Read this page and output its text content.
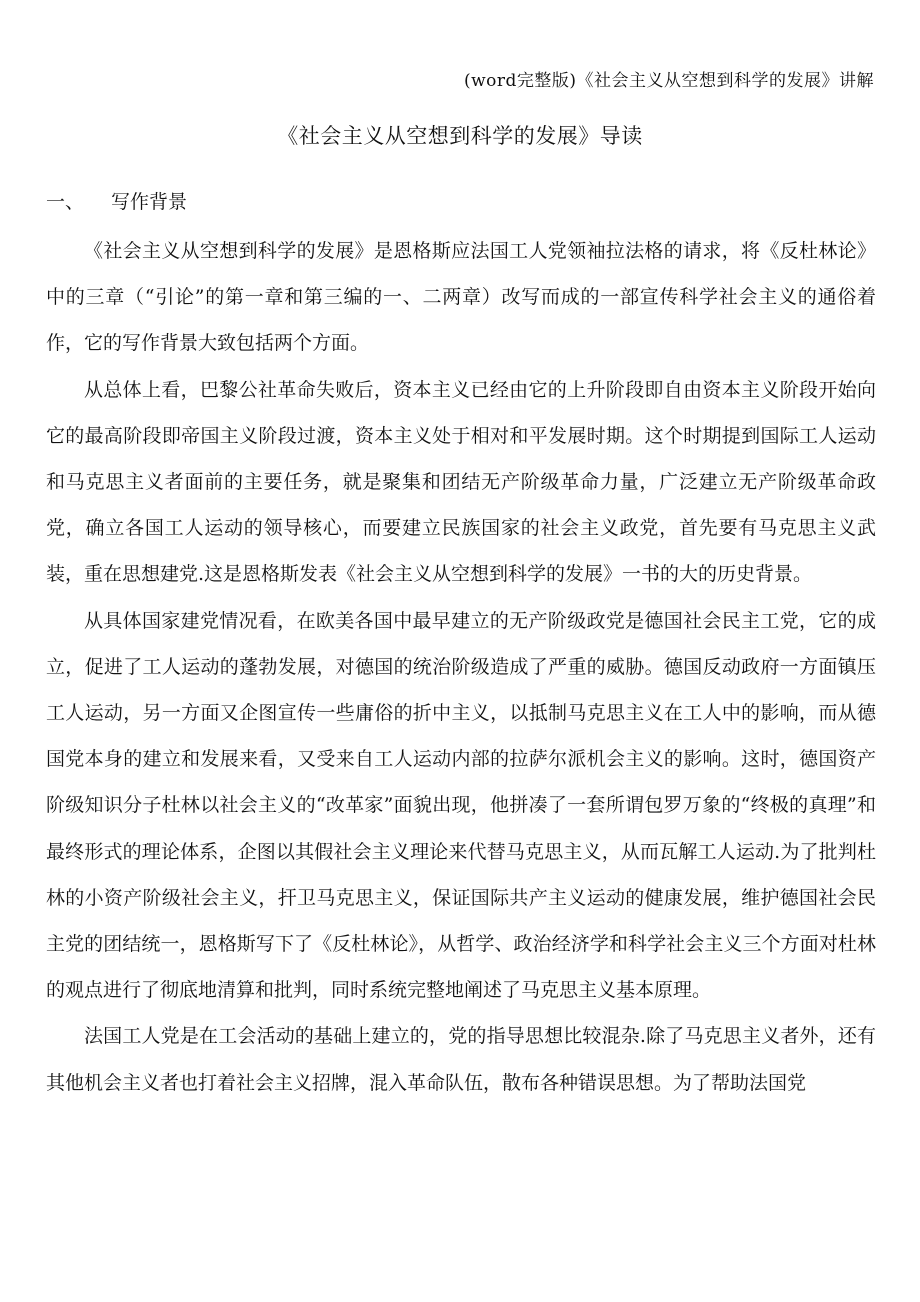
(word完整版)《社会主义从空想到科学的发展》讲解
《社会主义从空想到科学的发展》导读
一、 写作背景

《社会主义从空想到科学的发展》是恩格斯应法国工人党领袖拉法格的请求，将《反杜林论》中的三章（“引论”的第一章和第三编的一、二两章）改写而成的一部宣传科学社会主义的通俗着作，它的写作背景大致包括两个方面。

从总体上看，巴黎公社革命失败后，资本主义已经由它的上升阶段即自由资本主义阶段开始向它的最高阶段即帝国主义阶段过渡，资本主义处于相对和平发展时期。这个时期提到国际工人运动和马克思主义者面前的主要任务，就是聚集和团结无产阶级革命力量，广泛建立无产阶级革命政党，确立各国工人运动的领导核心，而要建立民族国家的社会主义政党，首先要有马克思主义武装，重在思想建党.这是恩格斯发表《社会主义从空想到科学的发展》一书的大的历史背景。

从具体国家建党情况看，在欧美各国中最早建立的无产阶级政党是德国社会民主工党，它的成立，促进了工人运动的蓬勃发展，对德国的统治阶级造成了严重的威胁。德国反动政府一方面镇压工人运动，另一方面又企图宣传一些庸俗的折中主义，以抵制马克思主义在工人中的影响，而从德国党本身的建立和发展来看，又受来自工人运动内部的拉萨尔派机会主义的影响。这时，德国资产阶级知识分子杜林以社会主义的“改革家”面貌出现，他拼凑了一套所谓包罗万象的“终极的真理”和最终形式的理论体系，企图以其假社会主义理论来代替马克思主义，从而瓦解工人运动.为了批判杜林的小资产阶级社会主义，扞卫马克思主义，保证国际共产主义运动的健康发展，维护德国社会民主党的团结统一，恩格斯写下了《反杜林论》，从哲学、政治经济学和科学社会主义三个方面对杜林的观点进行了彻底地清算和批判，同时系统完整地阐述了马克思主义基本原理。

法国工人党是在工会活动的基础上建立的，党的指导思想比较混杂.除了马克思主义者外，还有其他机会主义者也打着社会主义招牌，混入革命队伍，散布各种错误思想。为了帮助法国党
